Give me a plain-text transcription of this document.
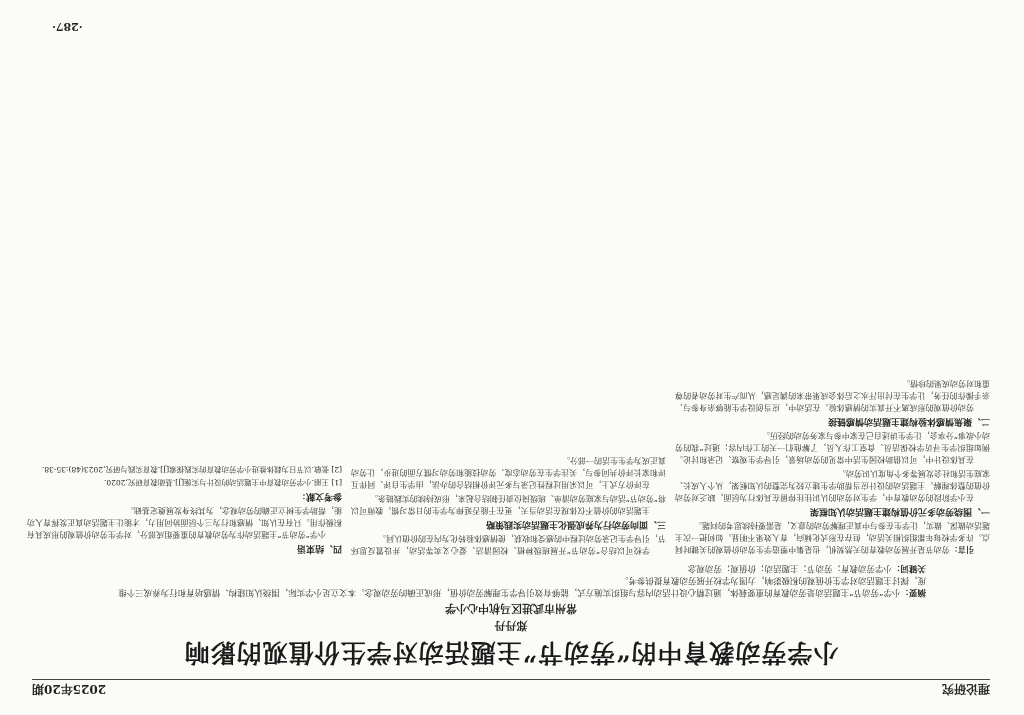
理论研究
2025年20期
小学劳动教育中的“劳动节”主题活动对学生价值观的影响
郑丹丹
常州市武进区马杭中心小学
摘要：小学“劳动节”主题活动是劳动教育的重要载体，通过精心设计活动内容与组织实施方式，能够有效引导学生理解劳动价值，形成正确的劳动观念。本文立足小学实际，围绕认知建构、情感培育和行为养成三个维度，探讨主题活动对学生价值观的积极影响，力图为学校开展劳动教育提供参考。
关键词：小学劳动教育；劳动节；主题活动；价值观；劳动观念

引言：劳动节是开展劳动教育的天然契机，也是集中塑造学生劳动价值观的关键时间点。许多学校每年都组织相关活动，但存在形式化倾向，育人效果不明显。如何把一次主题活动做深、做实，让学生在参与中真正理解劳动的意义，是需要持续思考的问题。

一、围绕劳动多元价值构建主题活动认知框架

在小学阶段的劳动教育中，学生对劳动的认识往往停留在具体行为层面，缺乏对劳动价值的整体理解。主题活动的设计应当帮助学生建立较为完整的认知框架，从个人成长、家庭生活和社会发展等多个角度认识劳动。

在具体设计中，可以借助校园生活中常见的劳动场景，引导学生观察、记录和讨论。例如组织学生寻访学校保洁员、食堂工作人员，了解他们一天的工作内容；通过“我的劳动小故事”分享会，让学生讲述自己在家中参与家务劳动的经历。

二、聚焦情感体验构建主题活动情感链接

劳动价值观的形成离不开真实的情感体验。在活动中，应当创设学生能够亲身参与、亲手操作的任务，让学生在付出汗水之后体会成果带来的满足感，从而产生对劳动者的尊重和对劳动成果的珍惜。

学校可以结合“劳动节”开展班级种植、校园清洁、爱心义卖等活动，并设置反思环节，引导学生记录劳动过程中的感受和收获，使情感体验转化为内在的价值认同。

三、面向劳动行为养成强化主题活动实践策略

主题活动的价值不仅体现在活动当天，更在于能否延伸为学生的日常习惯。教师可以将“劳动节”活动与家庭劳动清单、班级岗位责任制结合起来，形成持续的实践链条。

在评价方式上，可以采用过程性记录与多元评价相结合的办法，由学生自评、同伴互评和家长评价共同参与，关注学生在劳动态度、劳动技能和劳动习惯方面的进步，让劳动真正成为学生生活的一部分。

四、结束语

小学“劳动节”主题活动作为劳动教育的重要组成部分，对学生劳动价值观的形成具有积极作用。只有在认知、情感和行为三个层面协同用力，才能让主题活动真正发挥育人功能，帮助学生树立正确的劳动观念，为其终身发展奠定基础。

参考文献：

[1] 王丽.小学劳动教育中主题活动的设计与实施[J].基础教育研究,2020.

[2] 张敏.以节日为载体推进小学劳动教育的实践探索[J].教育实践与研究,2023(48):35-38.

·287·
